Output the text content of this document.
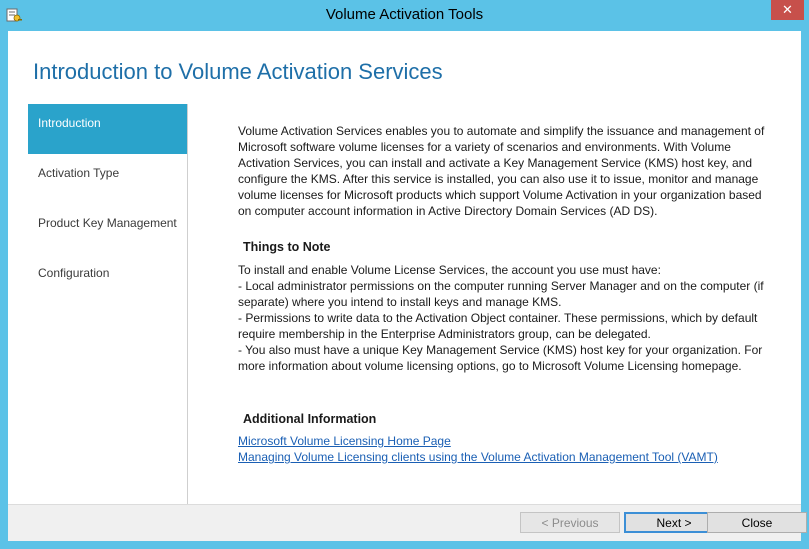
Volume Activation Tools	✕
Introduction to Volume Activation Services
Introduction
Activation Type
Product Key Management
Configuration

Volume Activation Services enables you to automate and simplify the issuance and management of Microsoft software volume licenses for a variety of scenarios and environments. With Volume Activation Services, you can install and activate a Key Management Service (KMS) host key, and configure the KMS. After this service is installed, you can also use it to issue, monitor and manage volume licenses for Microsoft products which support Volume Activation in your organization based on computer account information in Active Directory Domain Services (AD DS).

Things to Note

To install and enable Volume License Services, the account you use must have:

- Local administrator permissions on the computer running Server Manager and on the computer (if separate) where you intend to install keys and manage KMS.

- Permissions to write data to the Activation Object container. These permissions, which by default require membership in the Enterprise Administrators group, can be delegated.

- You also must have a unique Key Management Service (KMS) host key for your organization. For more information about volume licensing options, go to Microsoft Volume Licensing homepage.

Additional Information
Microsoft Volume Licensing Home Page
Managing Volume Licensing clients using the Volume Activation Management Tool (VAMT)
< Previous	Next >	Close
